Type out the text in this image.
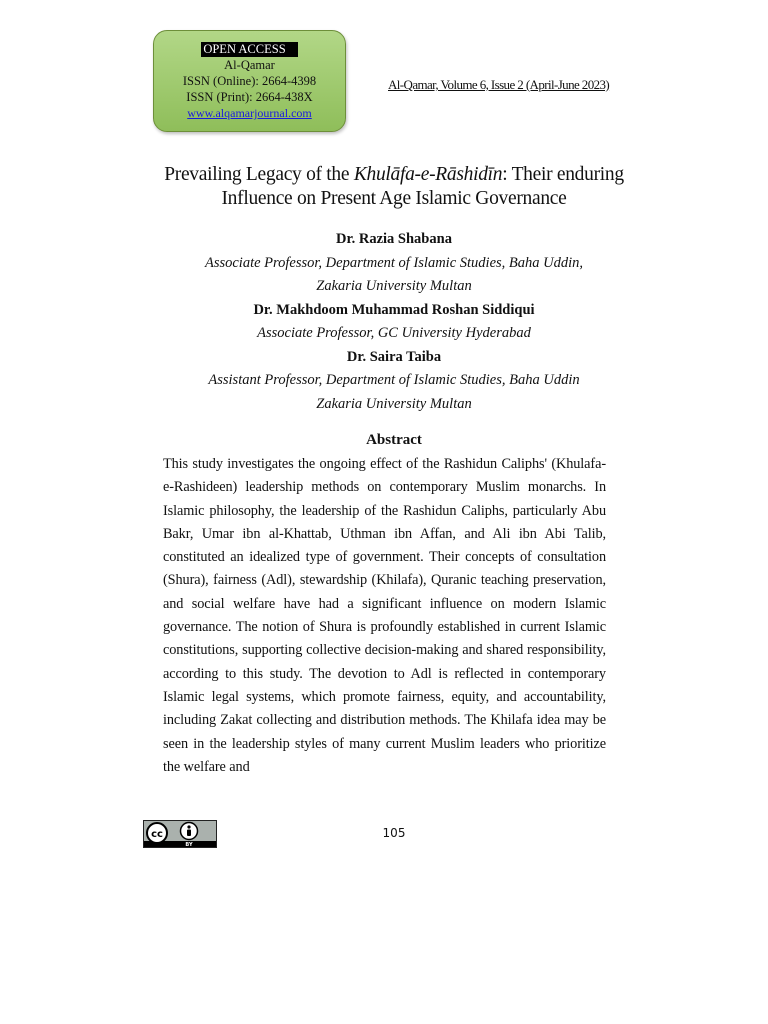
OPEN ACCESS
Al-Qamar
ISSN (Online): 2664-4398
ISSN (Print): 2664-438X
www.alqamarjournal.com
Al-Qamar, Volume 6, Issue 2 (April-June 2023)
Prevailing Legacy of the Khulāfa-e-Rāshidīn: Their enduring
Influence on Present Age Islamic Governance
Dr. Razia Shabana
Associate Professor, Department of Islamic Studies, Baha Uddin,
Zakaria University Multan
Dr. Makhdoom Muhammad Roshan Siddiqui
Associate Professor, GC University Hyderabad
Dr. Saira Taiba
Assistant Professor, Department of Islamic Studies, Baha Uddin
Zakaria University Multan
Abstract
This study investigates the ongoing effect of the Rashidun Caliphs' (Khulafa-e-Rashideen) leadership methods on contemporary Muslim monarchs. In Islamic philosophy, the leadership of the Rashidun Caliphs, particularly Abu Bakr, Umar ibn al-Khattab, Uthman ibn Affan, and Ali ibn Abi Talib, constituted an idealized type of government. Their concepts of consultation (Shura), fairness (Adl), stewardship (Khilafa), Quranic teaching preservation, and social welfare have had a significant influence on modern Islamic governance. The notion of Shura is profoundly established in current Islamic constitutions, supporting collective decision-making and shared responsibility, according to this study. The devotion to Adl is reflected in contemporary Islamic legal systems, which promote fairness, equity, and accountability, including Zakat collecting and distribution methods. The Khilafa idea may be seen in the leadership styles of many current Muslim leaders who prioritize the welfare and
cc
BY
105
